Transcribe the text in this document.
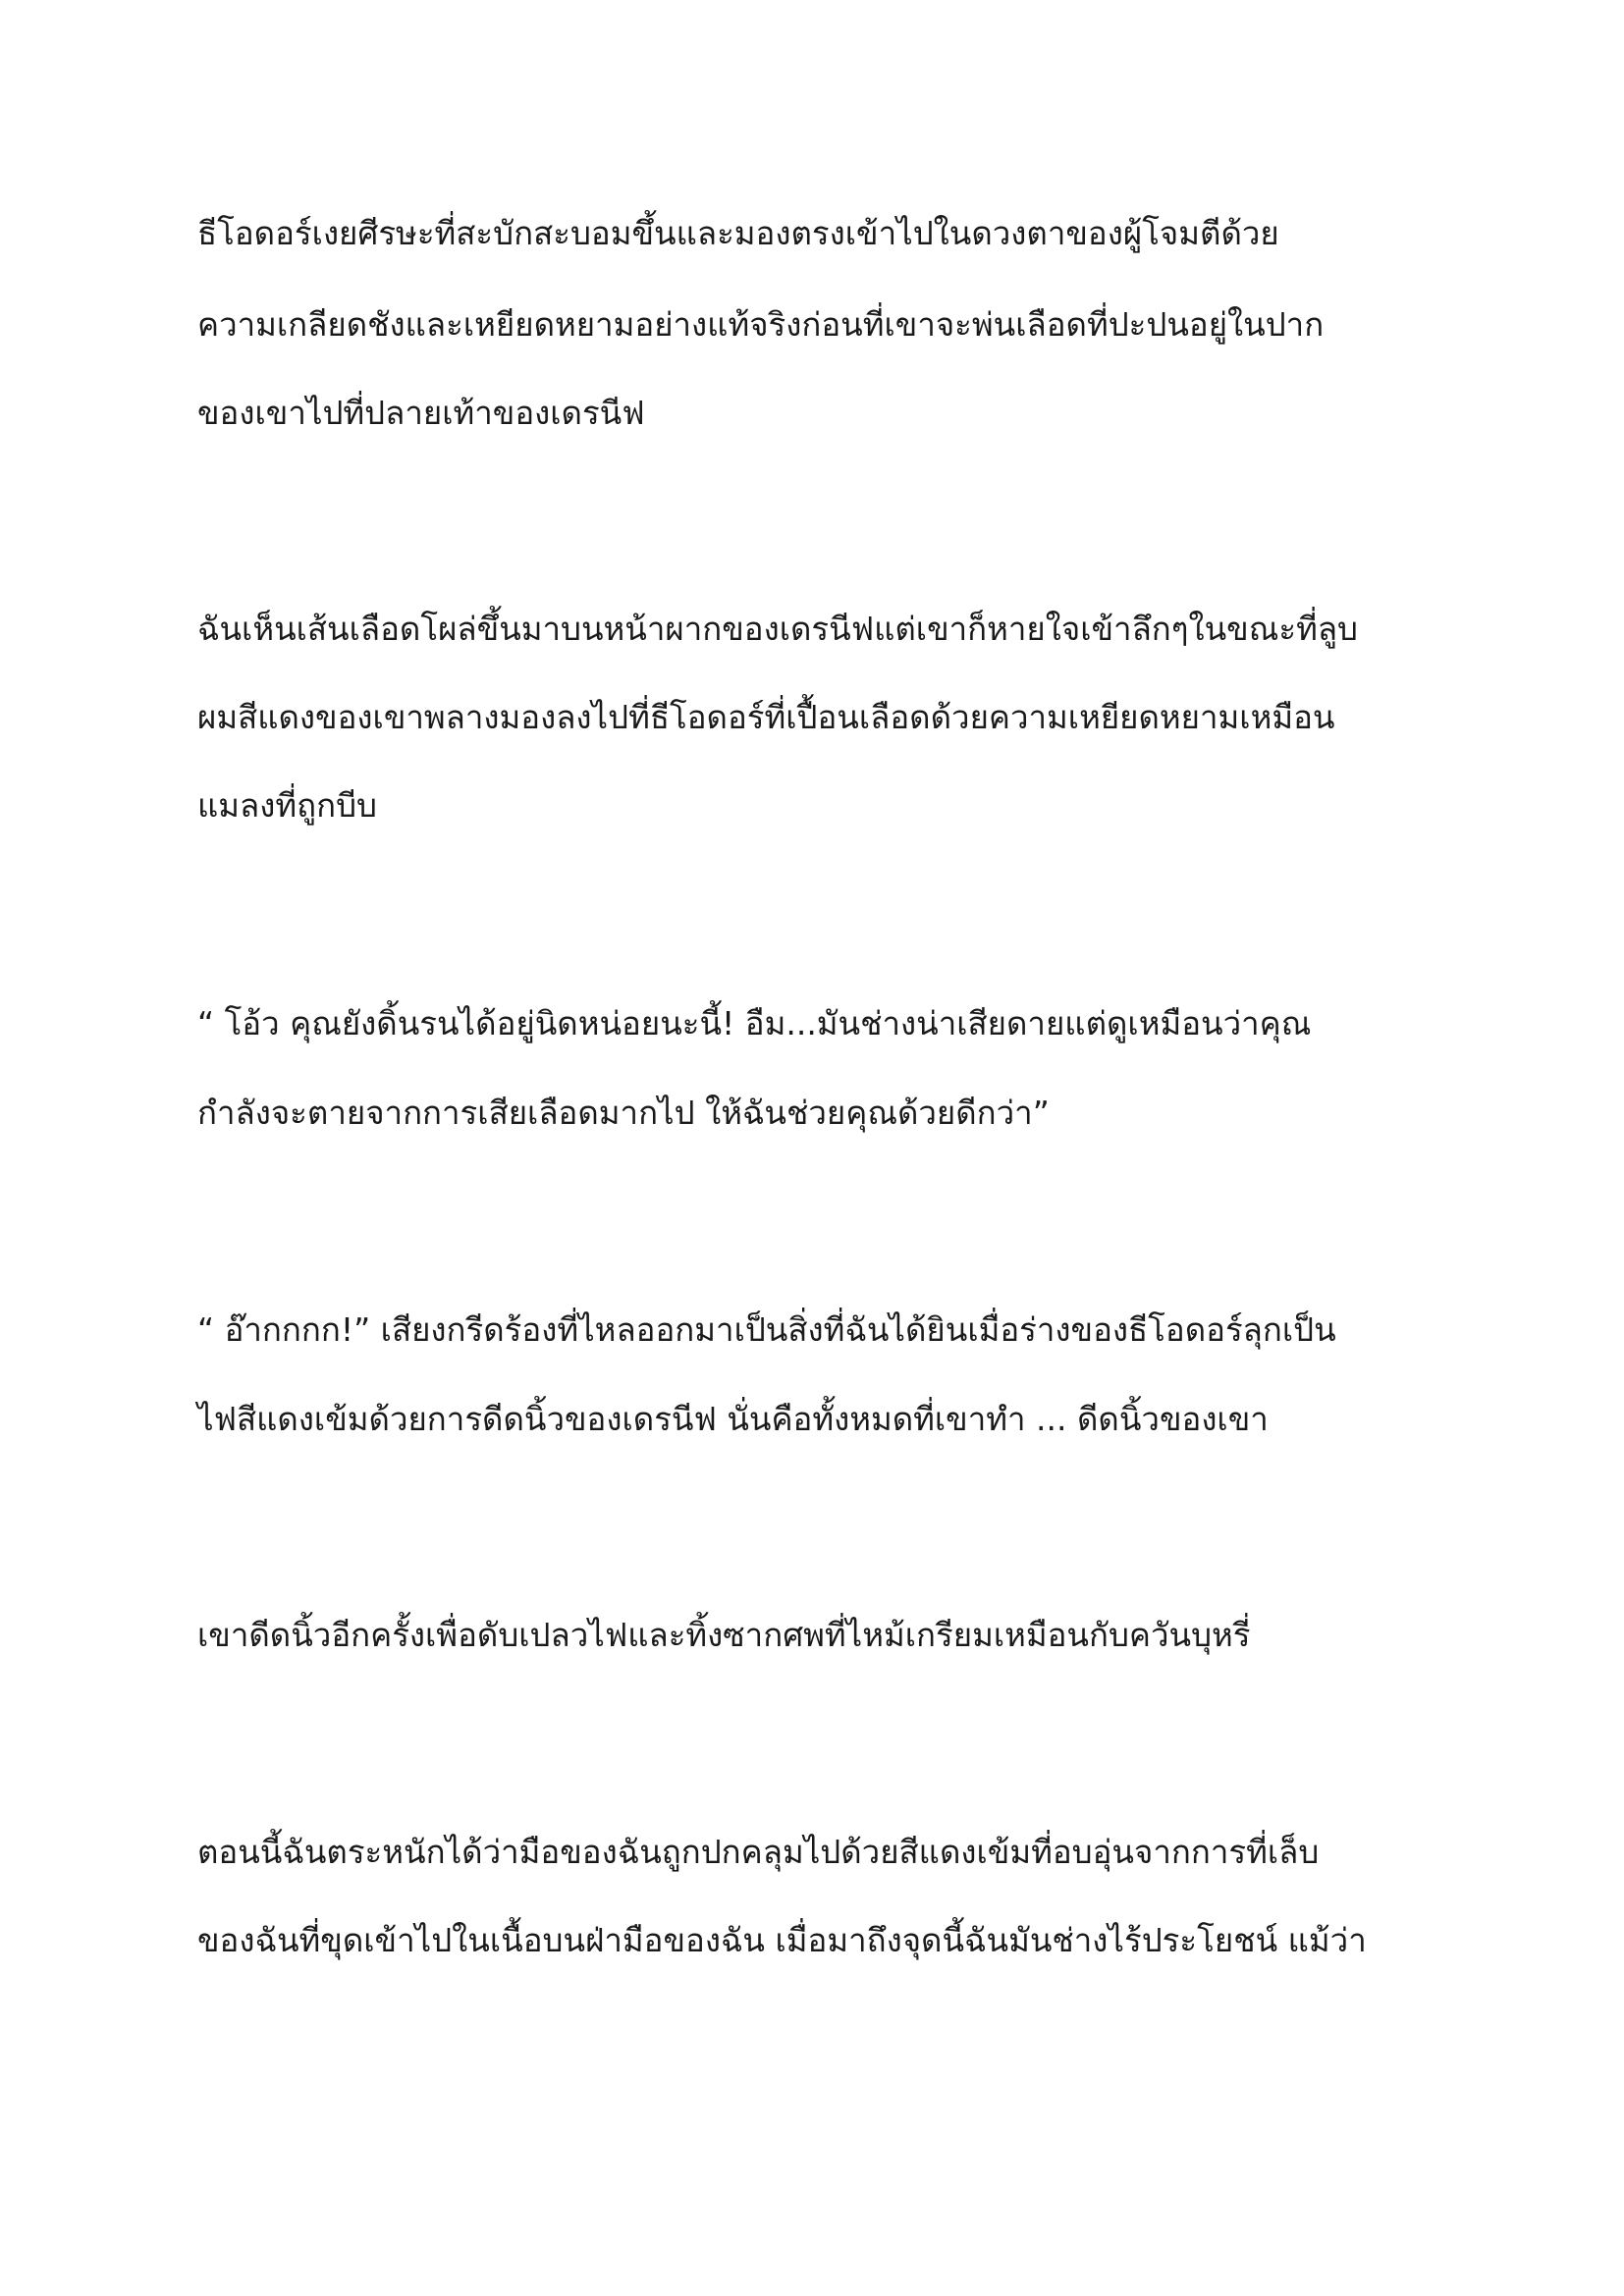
ธีโอดอร์เงยศีรษะที่สะบักสะบอมขึ้นและมองตรงเข้าไปในดวงตาของผู้โจมตีด้วย
ความเกลียดชังและเหยียดหยามอย่างแท้จริงก่อนที่เขาจะพ่นเลือดที่ปะปนอยู่ในปาก
ของเขาไปที่ปลายเท้าของเดรนีฟ
ฉันเห็นเส้นเลือดโผล่ขึ้นมาบนหน้าผากของเดรนีฟแต่เขาก็หายใจเข้าลึกๆในขณะที่ลูบ
ผมสีแดงของเขาพลางมองลงไปที่ธีโอดอร์ที่เปื้อนเลือดด้วยความเหยียดหยามเหมือน
แมลงที่ถูกบีบ
“ โอ้ว คุณยังดิ้นรนได้อยู่นิดหน่อยนะนี้! อืม...มันช่างน่าเสียดายแต่ดูเหมือนว่าคุณ
กำลังจะตายจากการเสียเลือดมากไป ให้ฉันช่วยคุณด้วยดีกว่า”
“ อ๊ากกกก!” เสียงกรีดร้องที่ไหลออกมาเป็นสิ่งที่ฉันได้ยินเมื่อร่างของธีโอดอร์ลุกเป็น
ไฟสีแดงเข้มด้วยการดีดนิ้วของเดรนีฟ นั่นคือทั้งหมดที่เขาทำ ... ดีดนิ้วของเขา
เขาดีดนิ้วอีกครั้งเพื่อดับเปลวไฟและทิ้งซากศพที่ไหม้เกรียมเหมือนกับควันบุหรี่
ตอนนี้ฉันตระหนักได้ว่ามือของฉันถูกปกคลุมไปด้วยสีแดงเข้มที่อบอุ่นจากการที่เล็บ
ของฉันที่ขุดเข้าไปในเนื้อบนฝ่ามือของฉัน เมื่อมาถึงจุดนี้ฉันมันช่างไร้ประโยชน์ แม้ว่า
